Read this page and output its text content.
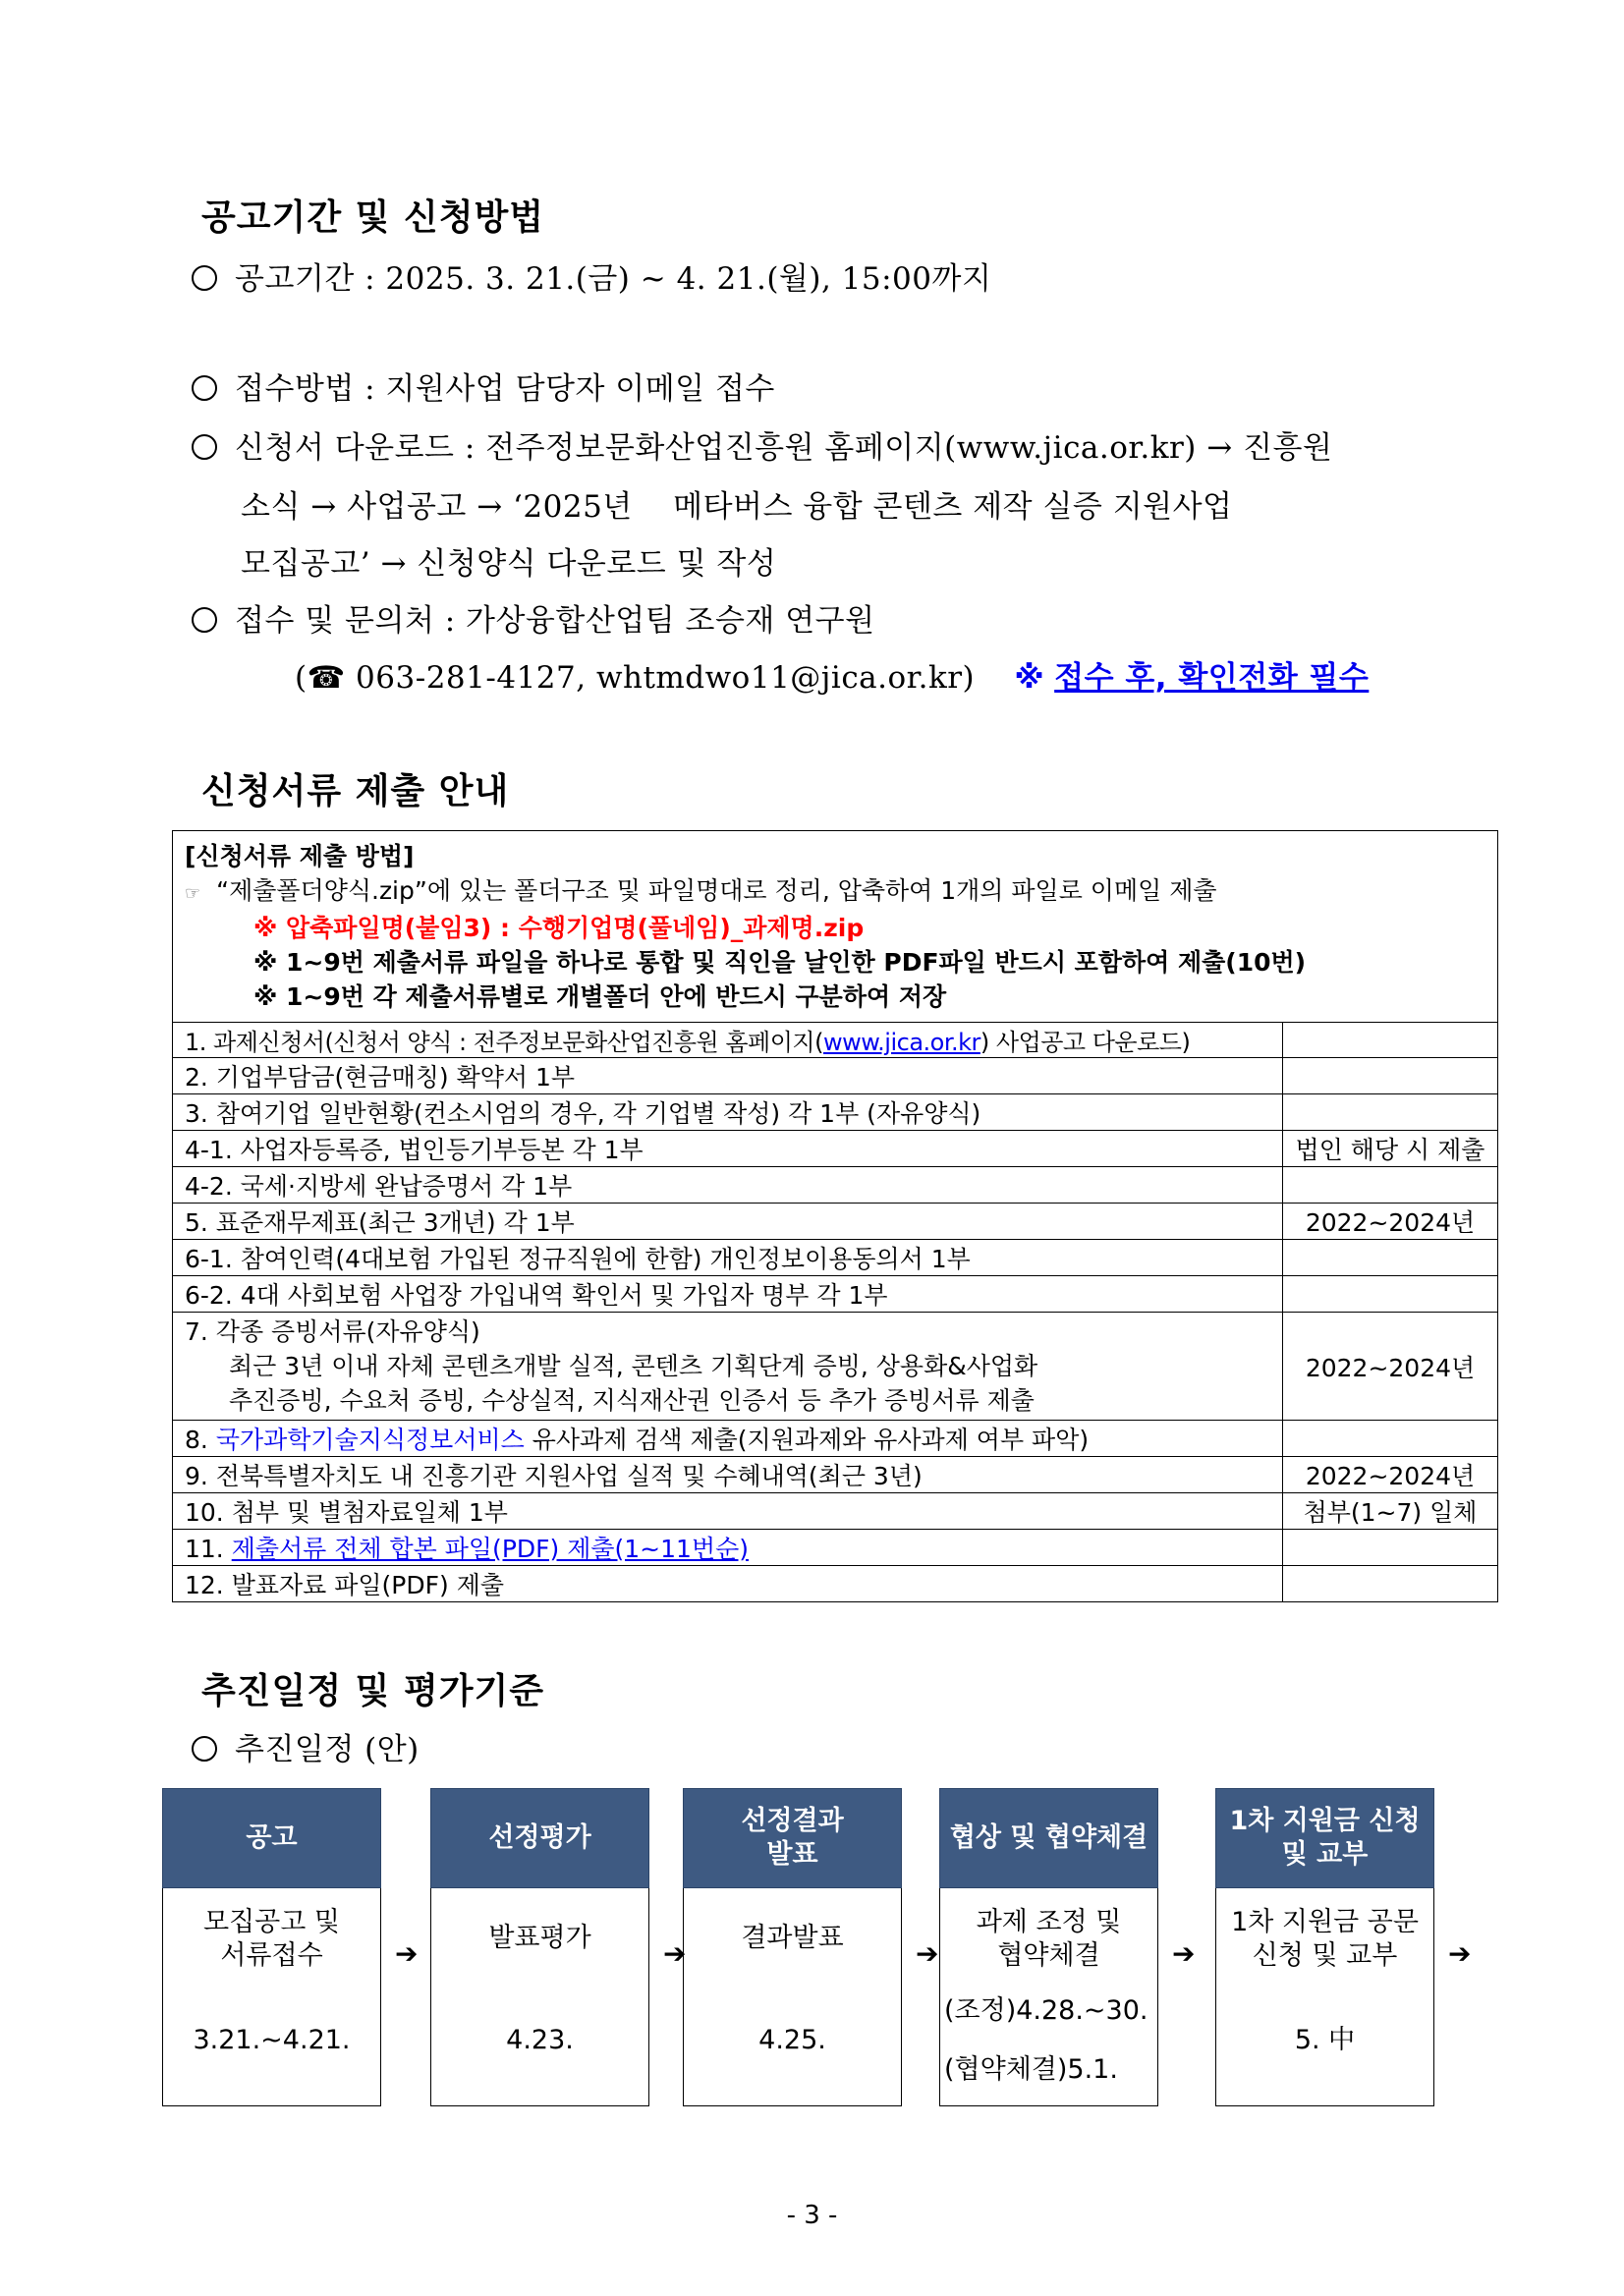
공고기간 및 신청방법
공고기간 : 2025. 3. 21.(금) ~ 4. 21.(월), 15:00까지
접수방법 : 지원사업 담당자 이메일 접수
신청서 다운로드 : 전주정보문화산업진흥원 홈페이지(www.jica.or.kr) → 진흥원
소식 → 사업공고 → ‘2025년    메타버스 융합 콘텐츠 제작 실증 지원사업
모집공고’ → 신청양식 다운로드 및 작성
접수 및 문의처 : 가상융합산업팀 조승재 연구원
(☎ 063-281-4127, whtmdwo11@jica.or.kr) ※ 접수 후, 확인전화 필수
신청서류 제출 안내
[신청서류 제출 방법]
☞ “제출폴더양식.zip”에 있는 폴더구조 및 파일명대로 정리, 압축하여 1개의 파일로 이메일 제출
※ 압축파일명(붙임3) : 수행기업명(풀네임)_과제명.zip
※ 1~9번 제출서류 파일을 하나로 통합 및 직인을 날인한 PDF파일 반드시 포함하여 제출(10번)
※ 1~9번 각 제출서류별로 개별폴더 안에 반드시 구분하여 저장	

1. 과제신청서(신청서 양식 : 전주정보문화산업진흥원 홈페이지(www.jica.or.kr) 사업공고 다운로드)	
2. 기업부담금(현금매칭) 확약서 1부	
3. 참여기업 일반현황(컨소시엄의 경우, 각 기업별 작성) 각 1부 (자유양식)	
4-1. 사업자등록증, 법인등기부등본 각 1부	법인 해당 시 제출
4-2. 국세·지방세 완납증명서 각 1부	
5. 표준재무제표(최근 3개년) 각 1부	2022~2024년
6-1. 참여인력(4대보험 가입된 정규직원에 한함) 개인정보이용동의서 1부	
6-2. 4대 사회보험 사업장 가입내역 확인서 및 가입자 명부 각 1부	

7. 각종 증빙서류(자유양식)
최근 3년 이내 자체 콘텐츠개발 실적, 콘텐츠 기획단계 증빙, 상용화&사업화
추진증빙, 수요처 증빙, 수상실적, 지식재산권 인증서 등 추가 증빙서류 제출	2022~2024년
8. 국가과학기술지식정보서비스 유사과제 검색 제출(지원과제와 유사과제 여부 파악)	
9. 전북특별자치도 내 진흥기관 지원사업 실적 및 수혜내역(최근 3년)	2022~2024년
10. 첨부 및 별첨자료일체 1부	첨부(1~7) 일체
11. 제출서류 전체 합본 파일(PDF) 제출(1~11번순)	
12. 발표자료 파일(PDF) 제출	
추진일정 및 평가기준
추진일정 (안)
공고
모집공고 및
서류접수
3.21.~4.21.
➔
선정평가
발표평가
4.23.
➔
선정결과
발표
결과발표
4.25.
➔
협상 및 협약체결
과제 조정 및
협약체결
(조정)4.28.~30.

(협약체결)5.1.
➔
1차 지원금 신청
및 교부
1차 지원금 공문
신청 및 교부
5. 中
➔
- 3 -
